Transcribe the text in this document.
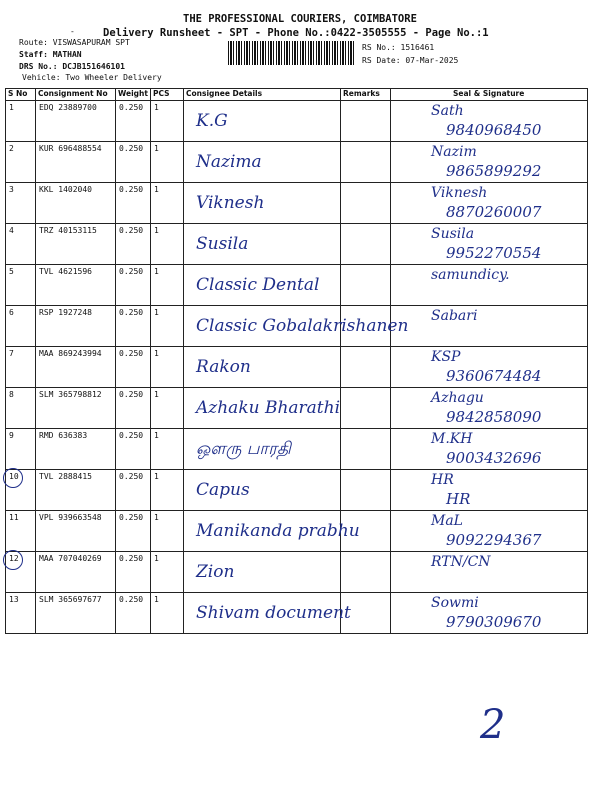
THE PROFESSIONAL COURIERS, COIMBATORE
Delivery Runsheet - SPT - Phone No.:0422-3505555 - Page No.:1
-
Route: VISWASAPURAM SPT
Staff: MATHAN
DRS No.: DCJB151646101
Vehicle: Two Wheeler Delivery
RS No.: 1516461
RS Date: 07-Mar-2025
S No	Consignment No	Weight	PCS	Consignee Details	Remarks	Seal & Signature

1	EDQ 23889700	0.250	1	K.G		Sath
9840968450

2	KUR 696488554	0.250	1	Nazima		Nazim
9865899292

3	KKL 1402040	0.250	1	Viknesh		Viknesh
8870260007

4	TRZ 40153115	0.250	1	Susila		Susila
9952270554

5	TVL 4621596	0.250	1	Classic Dental		samundicy.

6	RSP 1927248	0.250	1	Classic Gobalakrishanen		Sabari

7	MAA 869243994	0.250	1	Rakon		KSP
9360674484

8	SLM 365798812	0.250	1	Azhaku Bharathi		Azhagu
9842858090

9	RMD 636383	0.250	1	ஒளரு பாரதி		M.KH
9003432696

10	TVL 2888415	0.250	1	Capus		HR
HR

11	VPL 939663548	0.250	1	Manikanda prabhu		MaL
9092294367

12	MAA 707040269	0.250	1	Zion		RTN/CN

13	SLM 365697677	0.250	1	Shivam document		Sowmi
9790309670
2
